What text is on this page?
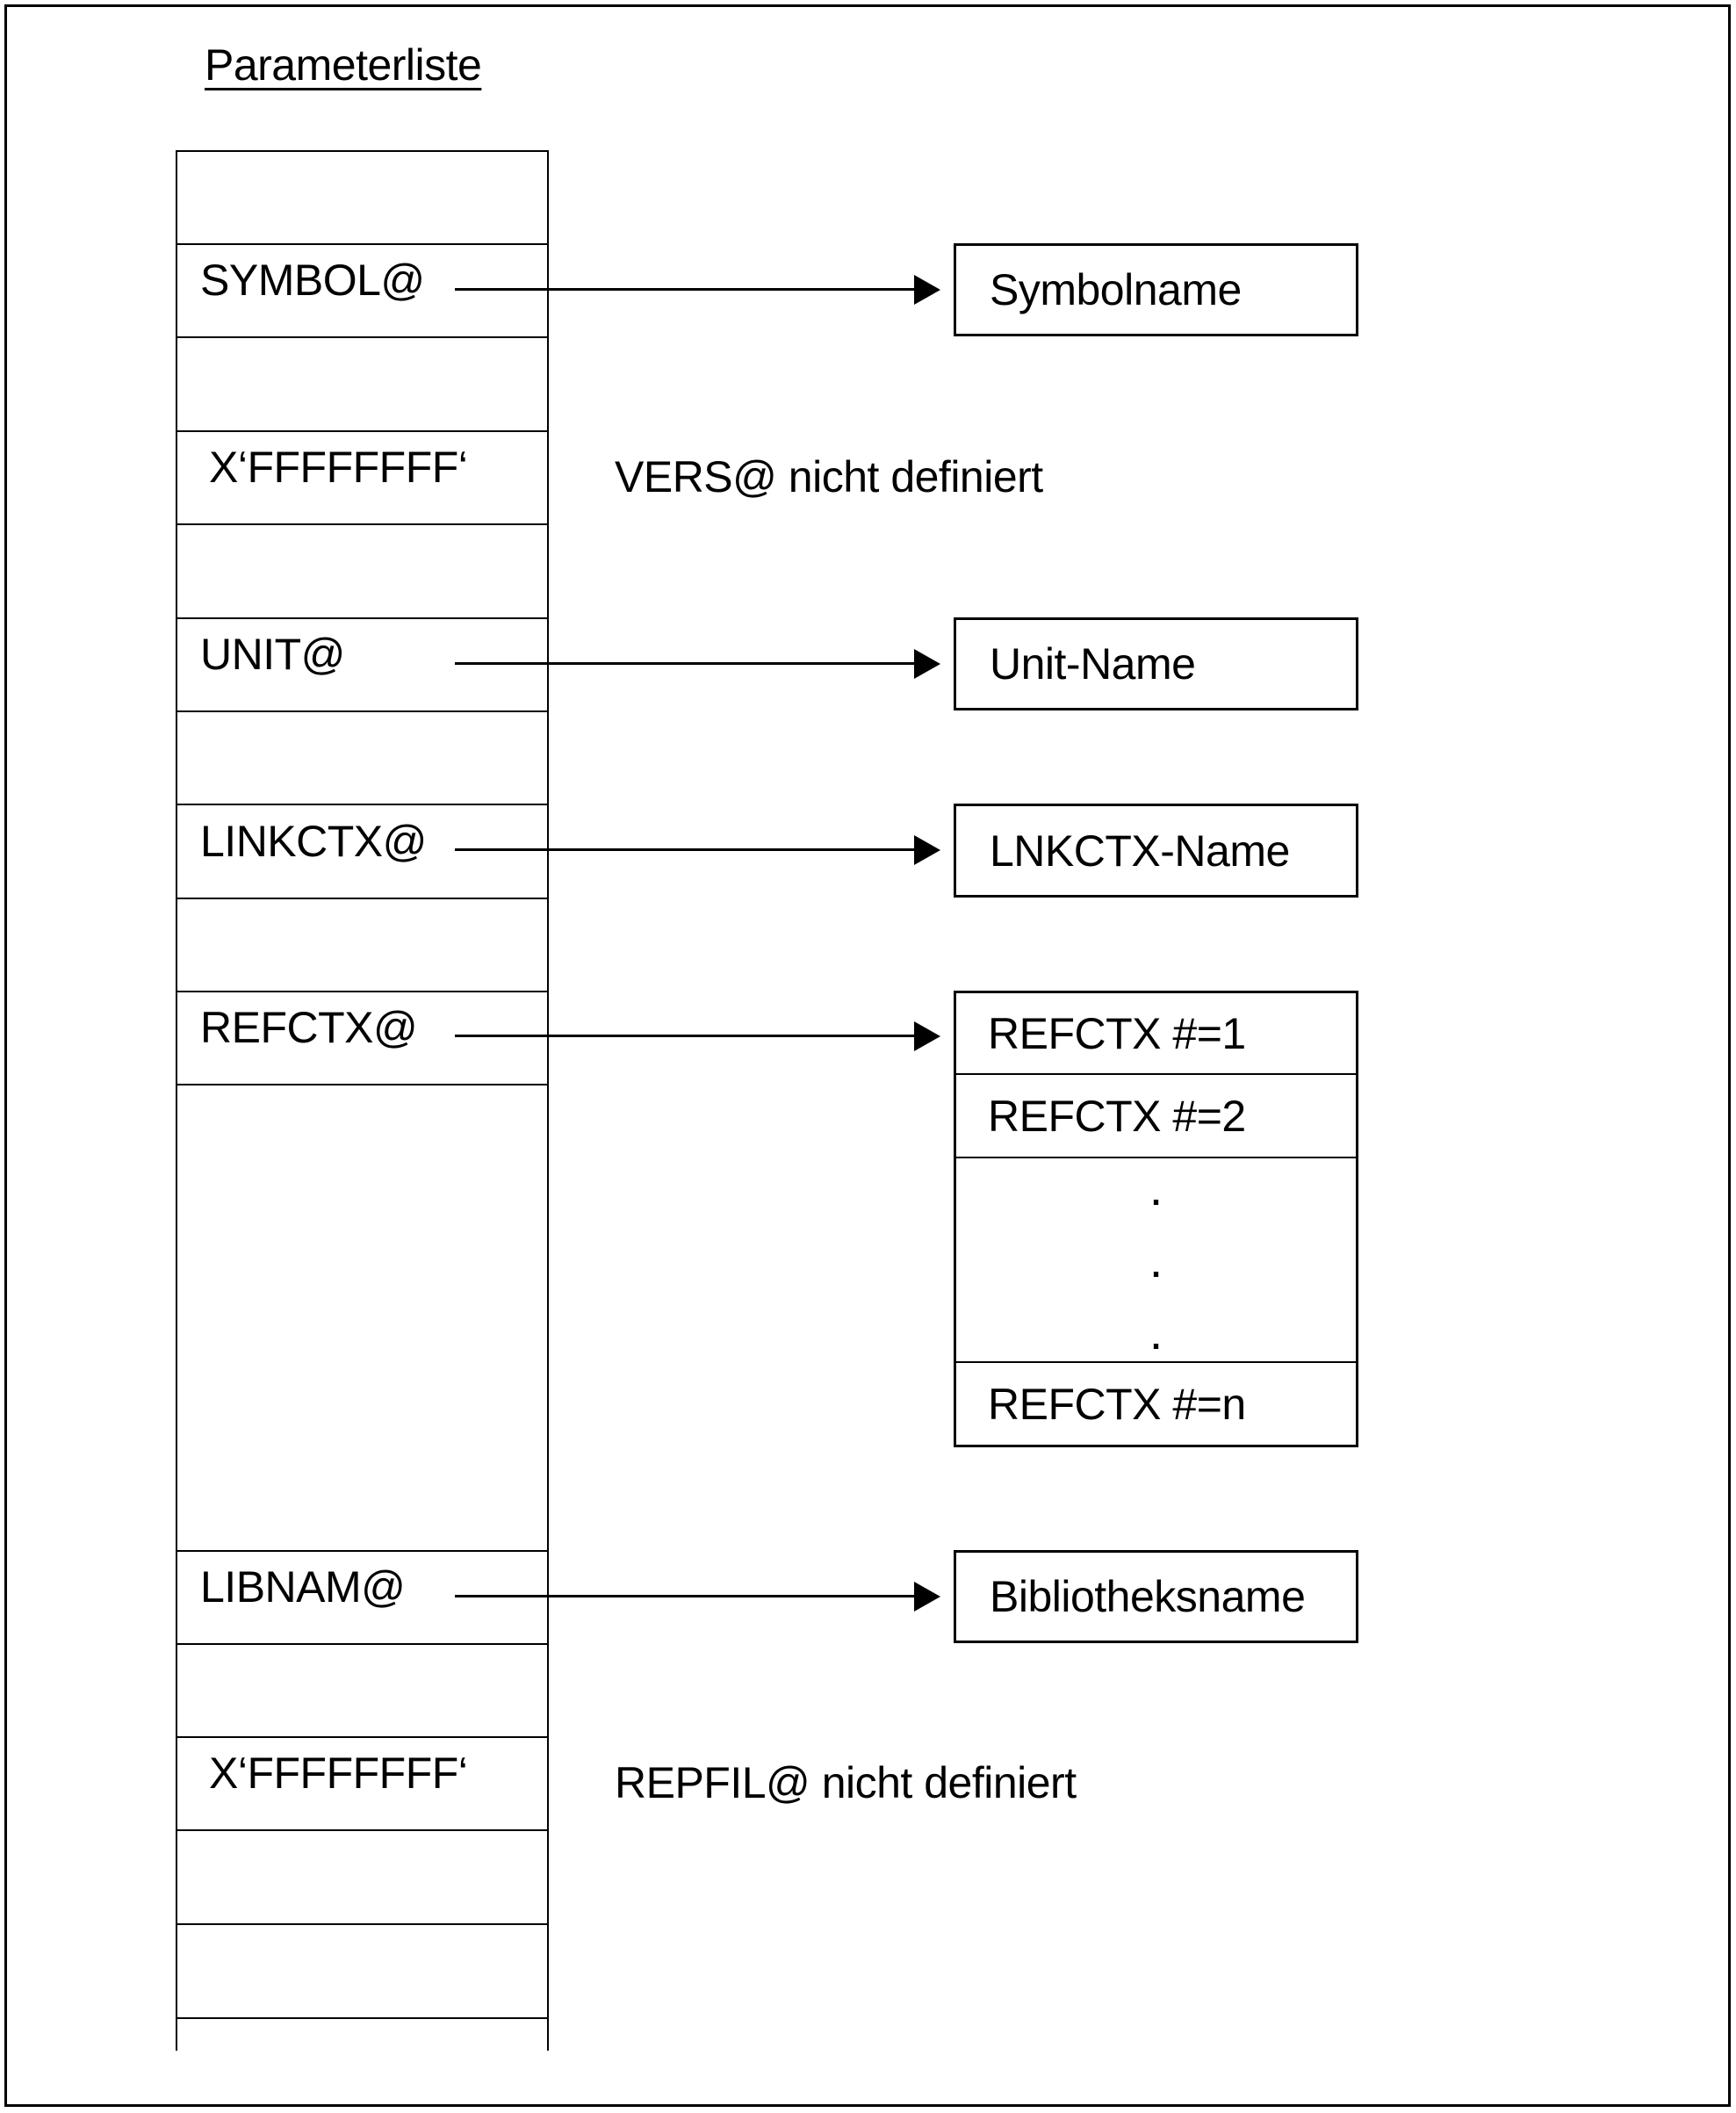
Parameterliste
SYMBOL@
X‘FFFFFFFF‘
UNIT@
LINKCTX@
REFCTX@
LIBNAM@
X‘FFFFFFFF‘
Symbolname
Unit-Name
LNKCTX-Name
REFCTX #=1
REFCTX #=2
.
.
.
REFCTX #=n
Bibliotheksname
VERS@ nicht definiert
REPFIL@ nicht definiert
